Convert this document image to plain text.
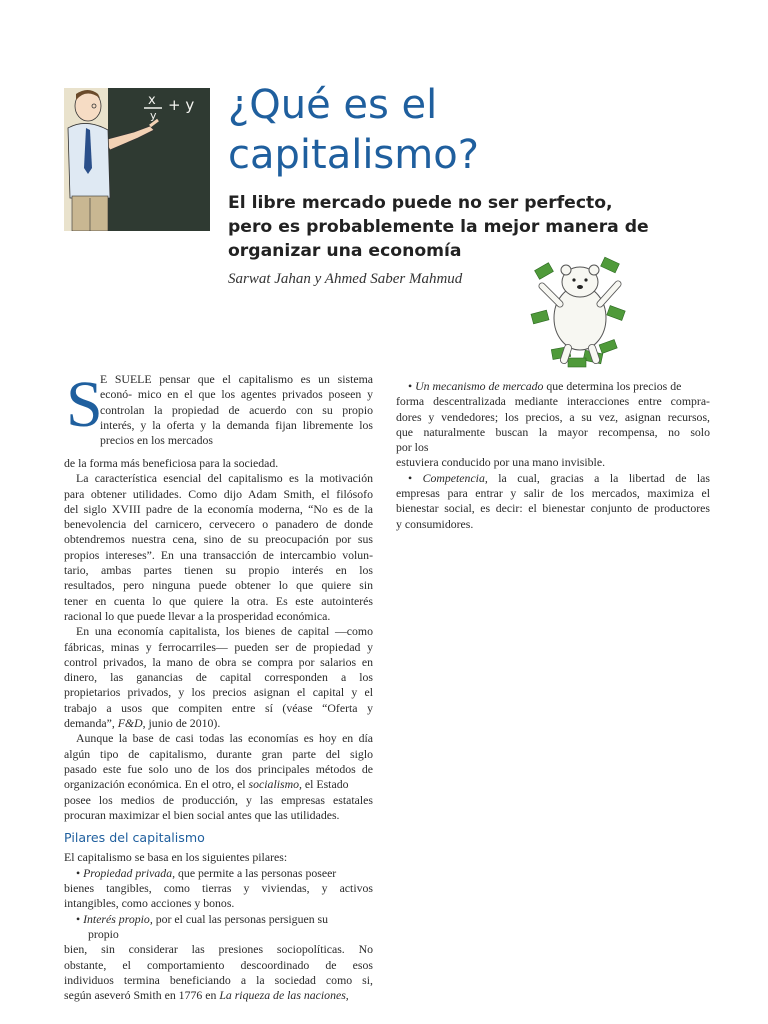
x
y
+ y ¿Qué es el
capitalismo?
El libre mercado puede no ser perfecto,
pero es probablemente la mejor manera de
organizar una economía

Sarwat Jahan y Ahmed Saber Mahmud

S
E SUELE pensar que el capitalismo es un sistema
econó- mico en el que los agentes privados poseen y
controlan la propiedad de acuerdo con su propio
interés, y la oferta y la demanda fijan libremente los
precios en los mercados
de la forma más beneficiosa para la sociedad.
La característica esencial del capitalismo es la motivación
para obtener utilidades. Como dijo Adam Smith, el filósofo
del siglo XVIII padre de la economía moderna, “No es de la
benevolencia del carnicero, cervecero o panadero de donde
obtendremos nuestra cena, sino de su preocupación por sus
propios intereses”. En una transacción de intercambio volun-
tario, ambas partes tienen su propio interés en los
resultados, pero ninguna puede obtener lo que quiere sin
tener en cuenta lo que quiere la otra. Es este autointerés
racional lo que puede llevar a la prosperidad económica.
En una economía capitalista, los bienes de capital —como
fábricas, minas y ferrocarriles— pueden ser de propiedad y
control privados, la mano de obra se compra por salarios en
dinero, las ganancias de capital corresponden a los
propietarios privados, y los precios asignan el capital y el
trabajo a usos que compiten entre sí (véase “Oferta y
demanda”, F&D, junio de 2010).
Aunque la base de casi todas las economías es hoy en día
algún tipo de capitalismo, durante gran parte del siglo
pasado este fue solo uno de los dos principales métodos de
organización económica. En el otro, el socialismo, el Estado
posee los medios de producción, y las empresas estatales
procuran maximizar el bien social antes que las utilidades.
Pilares del capitalismo
El capitalismo se basa en los siguientes pilares:
• Propiedad privada, que permite a las personas poseer
bienes tangibles, como tierras y viviendas, y activos
intangibles, como acciones y bonos.
• Interés propio, por el cual las personas persiguen su
propio
bien, sin considerar las presiones sociopolíticas. No
obstante, el comportamiento descoordinado de esos
individuos termina beneficiando a la sociedad como si,
según aseveró Smith en 1776 en La riqueza de las naciones,
• Un mecanismo de mercado que determina los precios de
forma descentralizada mediante interacciones entre compra-
dores y vendedores; los precios, a su vez, asignan recursos,
que naturalmente buscan la mayor recompensa, no solo
por los
estuviera conducido por una mano invisible.
• Competencia, la cual, gracias a la libertad de las
empresas para entrar y salir de los mercados, maximiza el
bienestar social, es decir: el bienestar conjunto de productores
y consumidores.
